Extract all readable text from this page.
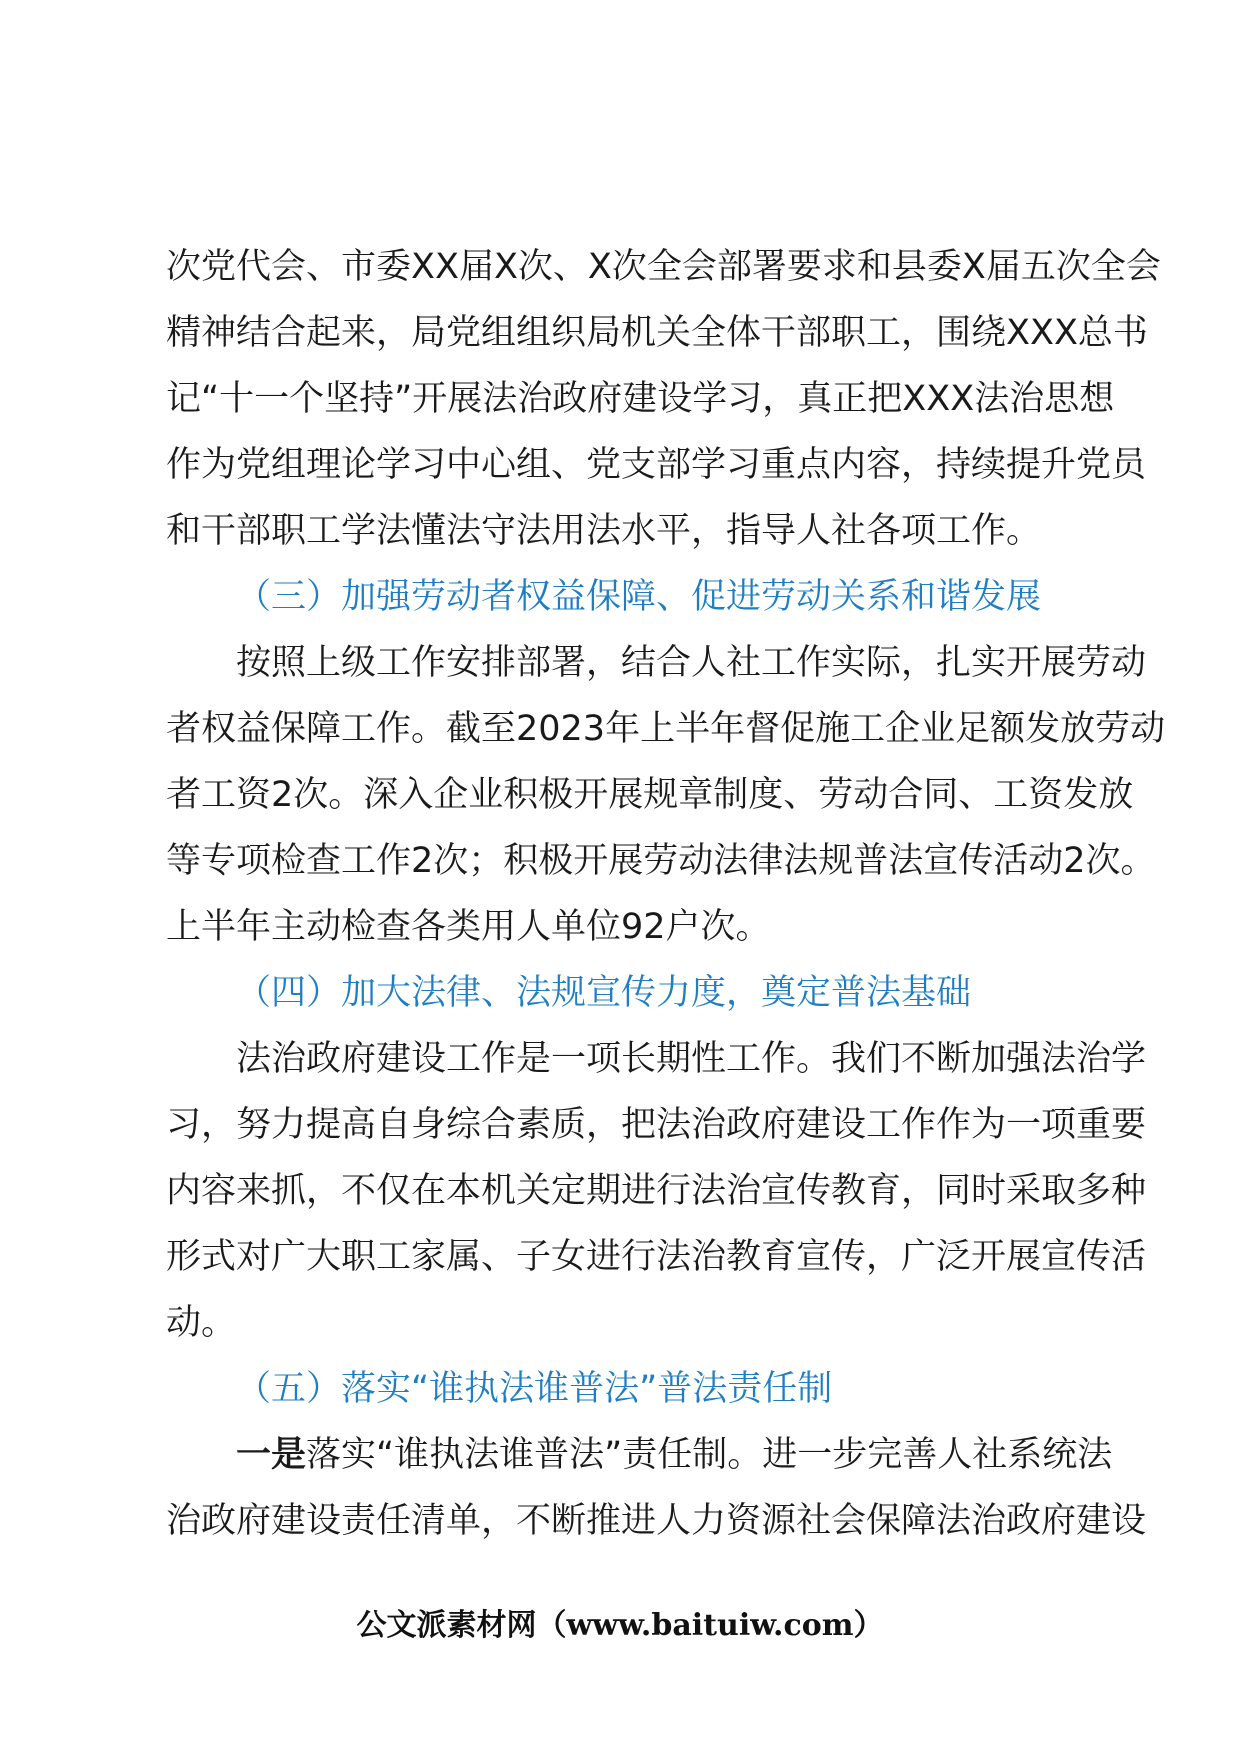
次党代会、市委XX届X次、X次全会部署要求和县委X届五次全会
精神结合起来，局党组组织局机关全体干部职工，围绕XXX总书
记“十一个坚持”开展法治政府建设学习，真正把XXX法治思想
作为党组理论学习中心组、党支部学习重点内容，持续提升党员
和干部职工学法懂法守法用法水平，指导人社各项工作。
（三）加强劳动者权益保障、促进劳动关系和谐发展
按照上级工作安排部署，结合人社工作实际，扎实开展劳动
者权益保障工作。截至2023年上半年督促施工企业足额发放劳动
者工资2次。深入企业积极开展规章制度、劳动合同、工资发放
等专项检查工作2次；积极开展劳动法律法规普法宣传活动2次。
上半年主动检查各类用人单位92户次。
（四）加大法律、法规宣传力度，奠定普法基础
法治政府建设工作是一项长期性工作。我们不断加强法治学
习，努力提高自身综合素质，把法治政府建设工作作为一项重要
内容来抓，不仅在本机关定期进行法治宣传教育，同时采取多种
形式对广大职工家属、子女进行法治教育宣传，广泛开展宣传活
动。
（五）落实“谁执法谁普法”普法责任制
一是落实“谁执法谁普法”责任制。进一步完善人社系统法
治政府建设责任清单，不断推进人力资源社会保障法治政府建设
公文派素材网（www.baituiw.com）
